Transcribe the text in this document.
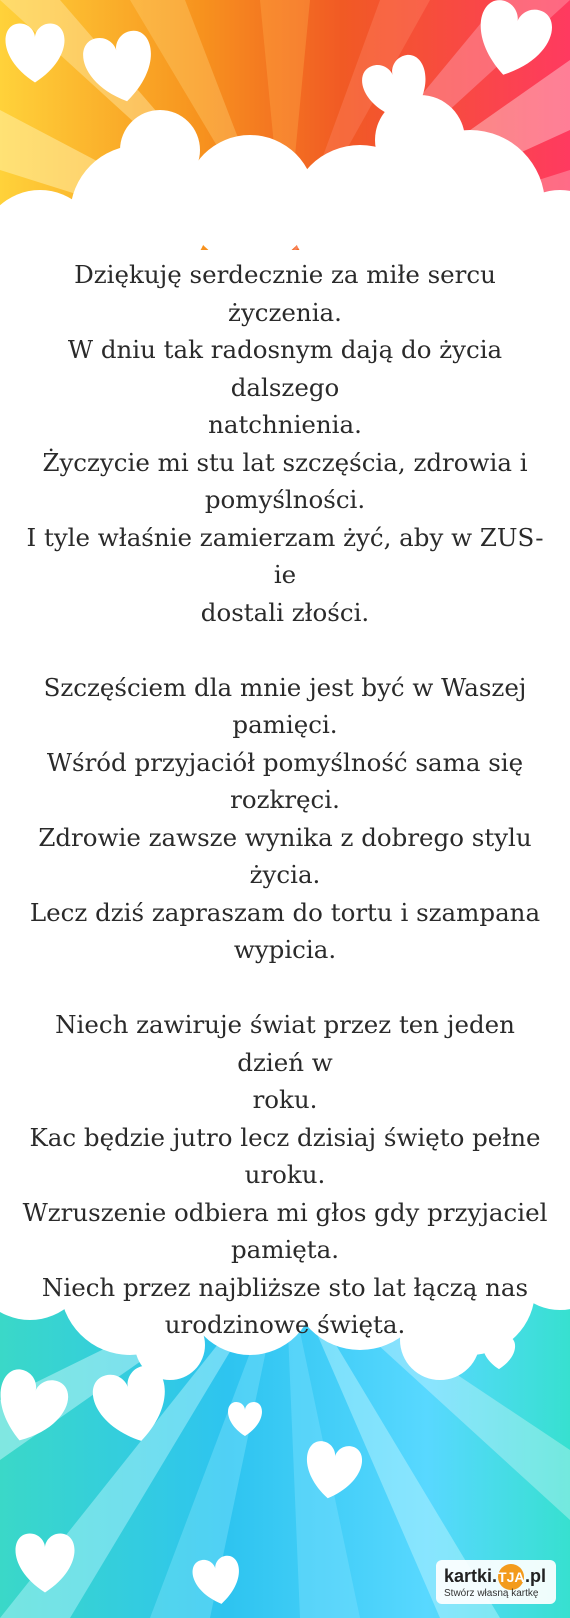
Dziękuję serdecznie za miłe sercu życzenia.
W dniu tak radosnym dają do życia dalszego
natchnienia.
Życzycie mi stu lat szczęścia, zdrowia i
pomyślności.
I tyle właśnie zamierzam żyć, aby w ZUS-ie
dostali złości.
Szczęściem dla mnie jest być w Waszej
pamięci.
Wśród przyjaciół pomyślność sama się
rozkręci.
Zdrowie zawsze wynika z dobrego stylu życia.
Lecz dziś zapraszam do tortu i szampana
wypicia.
Niech zawiruje świat przez ten jeden dzień w
roku.
Kac będzie jutro lecz dzisiaj święto pełne
uroku.
Wzruszenie odbiera mi głos gdy przyjaciel
pamięta.
Niech przez najbliższe sto lat łączą nas
urodzinowe święta.
kartki.TJA.pl
Stwórz własną kartkę
